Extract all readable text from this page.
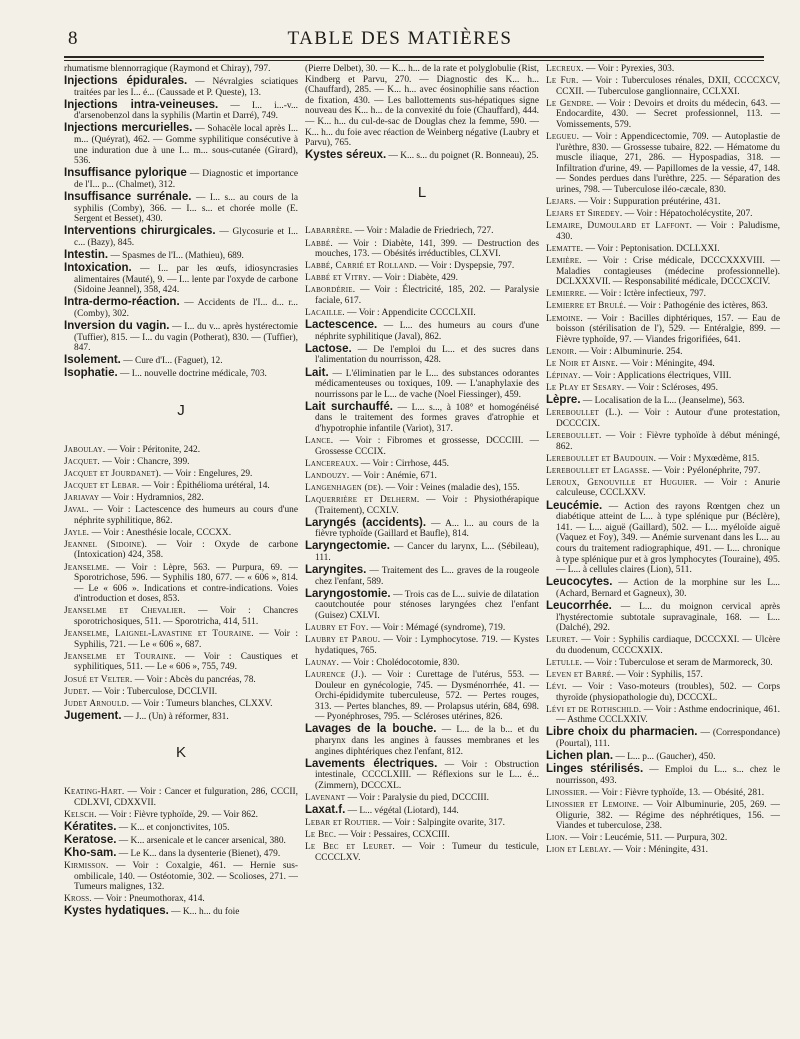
8	TABLE DES MATIÈRES
rhumatisme blennorragique (Raymond et Chiray), 797.
Injections épidurales. — Névralgies sciatiques traitées par les I... é... (Caussade et P. Queste), 13.
Injections intra-veineuses. — I... i...-v... d'arsenobenzol dans la syphilis (Martin et Darré), 749.
Injections mercurielles. — Sohacèle local après I... m... (Quéyrat), 462. — Gomme syphilitique consécutive à une induration due à une I... m... sous-cutanée (Girard), 536.
Insuffisance pylorique — Diagnostic et importance de l'I... p... (Chalmet), 312.
Insuffisance surrénale. — I... s... au cours de la syphilis (Comby), 366. — I... s... et chorée molle (E. Sergent et Besset), 430.
Interventions chirurgicales. — Glycosurie et I... c... (Bazy), 845.
Intestin. — Spasmes de l'I... (Mathieu), 689.
Intoxication. — I... par les œufs, idiosyncrasies alimentaires (Mauté), 9. — I... lente par l'oxyde de carbone (Sidoine Jeannel), 358, 424.
Intra-dermo-réaction. — Accidents de l'I... d... r... (Comby), 302.
Inversion du vagin. — I... du v... après hystérectomie (Tuffier), 815. — I... du vagin (Potherat), 830. — (Tuffier), 847.
Isolement. — Cure d'I... (Faguet), 12.
Isophatie. — I... nouvelle doctrine médicale, 703.
J
Jaboulay. — Voir : Péritonite, 242.
Jacquet. — Voir : Chancre, 399.
Jacquet et Jourdanet). — Voir : Engelures, 29.
Jacquet et Lebar. — Voir : Épithélioma urétéral, 14.
Jariavay — Voir : Hydramnios, 282.
Javal. — Voir : Lactescence des humeurs au cours d'une néphrite syphilitique, 862.
Jayle. — Voir : Anesthésie locale, CCCXX.
Jeannel (Sidoine). — Voir : Oxyde de carbone (Intoxication) 424, 358.
Jeanselme. — Voir : Lèpre, 563. — Purpura, 69. — Sporotrichose, 596. — Syphilis 180, 677. — « 606 », 814. — Le « 606 ». Indications et contre-indications. Voies d'introduction et doses, 853.
Jeanselme et Chevalier. — Voir : Chancres sporotrichosiques, 511. — Sporotricha, 414, 511.
Jeanselme, Laignel-Lavastine et Touraine. — Voir : Syphilis, 721. — Le « 606 », 687.
Jeanselme et Touraine. — Voir : Caustiques et syphilitiques, 511. — Le « 606 », 755, 749.
Josué et Velter. — Voir : Abcès du pancréas, 78.
Judet. — Voir : Tuberculose, DCCLVII.
Judet Arnould. — Voir : Tumeurs blanches, CLXXV.
Jugement. — J... (Un) à réformer, 831.
K
Keating-Hart. — Voir : Cancer et fulguration, 286, CCCII, CDLXVI, CDXXVII.
Kelsch. — Voir : Fièvre typhoïde, 29. — Voir 862.
Kératites. — K... et conjonctivites, 105.
Keratose. — K... arsenicale et le cancer arsenical, 380.
Kho-sam. — Le K... dans la dysenterie (Bienet), 479.
Kirmisson. — Voir : Coxalgie, 461. — Hernie sus-ombilicale, 140. — Ostéotomie, 302. — Scolioses, 271. — Tumeurs malignes, 132.
Kross. — Voir : Pneumothorax, 414.
Kystes hydatiques. — K... h... du foie
(Pierre Delbet), 30. — K... h... de la rate et polyglobulie (Rist, Kindberg et Parvu, 270. — Diagnostic des K... h... (Chauffard), 285. — K... h... avec éosinophilie sans réaction de fixation, 430. — Les ballottements sus-hépatiques signe nouveau des K... h... de la convexité du foie (Chauffard), 444. — K... h... du cul-de-sac de Douglas chez la femme, 590. — K... h... du foie avec réaction de Weinberg négative (Laubry et Parvu), 765.
Kystes séreux. — K... s... du poignet (R. Bonneau), 25.
L
Labarrère. — Voir : Maladie de Friedriech, 727.
Labbé. — Voir : Diabète, 141, 399. — Destruction des mouches, 173. — Obésités irréductibles, CLXVI.
Labbé, Carrié et Rolland. — Voir : Dyspepsie, 797.
Labbé et Vitry. — Voir : Diabète, 429.
Labordérie. — Voir : Électricité, 185, 202. — Paralysie faciale, 617.
Lacaille. — Voir : Appendicite CCCCLXII.
Lactescence. — L... des humeurs au cours d'une néphrite syphilitique (Javal), 862.
Lactose. — De l'emploi du L... et des sucres dans l'alimentation du nourrisson, 428.
Lait. — L'éliminatien par le L... des substances odorantes médicamenteuses ou toxiques, 109. — L'anaphylaxie des nourrissons par le L... de vache (Noel Fiessinger), 459.
Lait surchauffé. — L... s..., à 108° et homogénéisé dans le traitement des formes graves d'atrophie et d'hypotrophie infantile (Variot), 317.
Lance. — Voir : Fibromes et grossesse, DCCCIII. — Grossesse CCCIX.
Lancereaux. — Voir : Cirrhose, 445.
Landouzy. — Voir : Anémie, 671.
Langenhagen (de). — Voir : Veines (maladie des), 155.
Laquerrière et Delherm. — Voir : Physiothérapique (Traitement), CCXLV.
Laryngés (accidents). — A... l... au cours de la fièvre typhoïde (Gaillard et Baufle), 814.
Laryngectomie. — Cancer du larynx, L... (Sébileau), 111.
Laryngites. — Traitement des L... graves de la rougeole chez l'enfant, 589.
Laryngostomie. — Trois cas de L... suivie de dilatation caoutchoutée pour sténoses laryngées chez l'enfant (Guisez) CXLVI.
Laubry et Foy. — Voir : Mémagé (syndrome), 719.
Laubry et Parou. — Voir : Lymphocytose. 719. — Kystes hydatiques, 765.
Launay. — Voir : Cholédocotomie, 830.
Laurence (J.). — Voir : Curettage de l'utérus, 553. — Douleur en gynécologie, 745. — Dysménorrhée, 41. — Orchi-épididymite tuberculeuse, 572. — Pertes rouges, 313. — Pertes blanches, 89. — Prolapsus utérin, 684, 698. — Pyonéphroses, 795. — Scléroses utérines, 826.
Lavages de la bouche. — L... de la b... et du pharynx dans les angines à fausses membranes et les angines diphtériques chez l'enfant, 812.
Lavements électriques. — Voir : Obstruction intestinale, CCCCLXIII. — Réflexions sur le L... é... (Zimmern), DCCCXL.
Lavenant — Voir : Paralysie du pied, DCCCIII.
Laxat.f. — L... végétal (Liotard), 144.
Lebar et Routier. — Voir : Salpingite ovarite, 317.
Le Bec. — Voir : Pessaires, CCXCIII.
Le Bec et Leuret. — Voir : Tumeur du testicule, CCCCLXV.
Lecreux. — Voir : Pyrexies, 303.
Le Fur. — Voir : Tuberculoses rénales, DXII, CCCCXCV, CCXII. — Tuberculose ganglionnaire, CCLXXI.
Le Gendre. — Voir : Devoirs et droits du médecin, 643. — Endocardite, 430. — Secret professionnel, 113. — Vomissements, 579.
Legueu. — Voir : Appendicectomie, 709. — Autoplastie de l'urèthre, 830. — Grossesse tubaire, 822. — Hématome du muscle iliaque, 271, 286. — Hypospadias, 318. — Infiltration d'urine, 49. — Papillomes de la vessie, 47, 148. — Sondes perdues dans l'urèthre, 225. — Séparation des urines, 798. — Tuberculose iléo-cæcale, 830.
Lejars. — Voir : Suppuration préutérine, 431.
Lejars et Siredey. — Voir : Hépatocholécystite, 207.
Lemaire, Dumoulard et Laffont. — Voir : Paludisme, 430.
Lematte. — Voir : Peptonisation. DCLLXXI.
Lemière. — Voir : Crise médicale, DCCCXXXVIII. — Maladies contagieuses (médecine professionnelle). DCLXXXVII. — Responsabilité médicale, DCCCXCIV.
Lemierre. — Voir : Ictère infectieux, 797.
Lemierre et Brulé. — Voir : Pathogénie des ictères, 863.
Lemoine. — Voir : Bacilles diphtériques, 157. — Eau de boisson (stérilisation de l'), 529. — Entéralgie, 899. — Fièvre typhoïde, 97. — Viandes frigorifiées, 641.
Lenoir. — Voir : Albuminurie. 254.
Le Noir et Aisne. — Voir : Méningite, 494.
Lépinay. — Voir : Applications électriques, VIII.
Le Play et Sesary. — Voir : Scléroses, 495.
Lèpre. — Localisation de la L... (Jeanselme), 563.
Lereboullet (L.). — Voir : Autour d'une protestation, DCCCCIX.
Lereboullet. — Voir : Fièvre typhoïde à début méningé, 862.
Lereboullet et Baudouin. — Voir : Myxœdème, 815.
Lereboullet et Lagasse. — Voir : Pyélonéphrite, 797.
Leroux, Genouville et Huguier. — Voir : Anurie calculeuse, CCCLXXV.
Leucémie. — Action des rayons Rœntgen chez un diabétique atteint de L... à type splénique pur (Béclère), 141. — L... aiguë (Gaillard), 502. — L... myéloïde aiguë (Vaquez et Foy), 349. — Anémie survenant dans les L... au cours du traitement radiographique, 491. — L... chronique à type splénique pur et à gros lymphocytes (Touraine), 495. — L... à cellules claires (Lion), 511.
Leucocytes. — Action de la morphine sur les L... (Achard, Bernard et Gagneux), 30.
Leucorrhée. — L... du moignon cervical après l'hystérectomie subtotale supravaginale, 168. — L... (Dalché), 292.
Leuret. — Voir : Syphilis cardiaque, DCCCXXI. — Ulcère du duodenum, CCCCXXIX.
Letulle. — Voir : Tuberculose et seram de Marmoreck, 30.
Leven et Barré. — Voir : Syphilis, 157.
Lévi. — Voir : Vaso-moteurs (troubles), 502. — Corps thyroïde (physiopathologie du), DCCCXL.
Lévi et de Rothschild. — Voir : Asthme endocrinique, 461. — Asthme CCCLXXIV.
Libre choix du pharmacien. — (Correspondance) (Pourtal), 111.
Lichen plan. — L... p... (Gaucher), 450.
Linges stérilisés. — Emploi du L... s... chez le nourrisson, 493.
Linossier. — Voir : Fièvre typhoïde, 13. — Obésité, 281.
Linossier et Lemoine. — Voir Albuminurie, 205, 269. — Oligurie, 382. — Régime des néphrétiques, 156. — Viandes et tuberculose, 238.
Lion. — Voir : Leucémie, 511. — Purpura, 302.
Lion et Leblay. — Voir : Méningite, 431.
